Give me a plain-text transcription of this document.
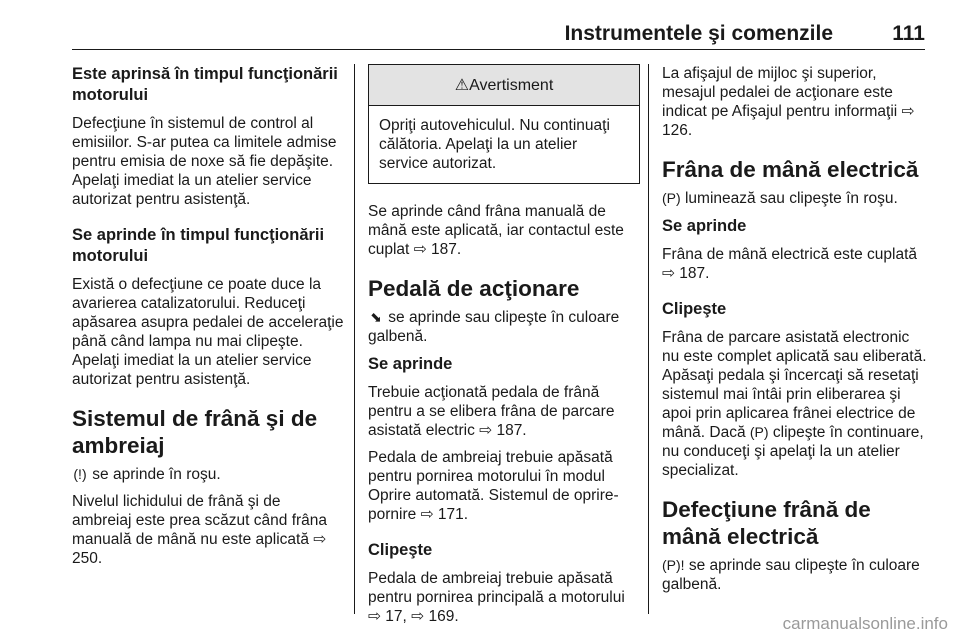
Instrumentele şi comenzile	111
Este aprinsă în timpul funcţionării motorului

Defecţiune în sistemul de control al emisiilor. S-ar putea ca limitele admise pentru emisia de noxe să fie depăşite. Apelaţi imediat la un atelier service autorizat pentru asistenţă.

Se aprinde în timpul funcţionării motorului

Există o defecţiune ce poate duce la avarierea catalizatorului. Reduceţi apăsarea asupra pedalei de acceleraţie până când lampa nu mai clipeşte. Apelaţi imediat la un atelier service autorizat pentru asistenţă.

Sistemul de frână şi de ambreiaj

(!) se aprinde în roşu.

Nivelul lichidului de frână şi de ambreiaj este prea scăzut când frâna manuală de mână nu este aplicată ⇨ 250.

⚠ Avertisment
Opriţi autovehiculul. Nu continuaţi călătoria. Apelaţi la un atelier service autorizat.

Se aprinde când frâna manuală de mână este aplicată, iar contactul este cuplat ⇨ 187.

Pedală de acţionare

⬊ se aprinde sau clipeşte în culoare galbenă.

Se aprinde

Trebuie acţionată pedala de frână pentru a se elibera frâna de parcare asistată electric ⇨ 187.

Pedala de ambreiaj trebuie apăsată pentru pornirea motorului în modul Oprire automată. Sistemul de oprire-pornire ⇨ 171.

Clipeşte

Pedala de ambreiaj trebuie apăsată pentru pornirea principală a motorului ⇨ 17, ⇨ 169.

La afişajul de mijloc şi superior, mesajul pedalei de acţionare este indicat pe Afişajul pentru informaţii ⇨ 126.

Frâna de mână electrică

(P) luminează sau clipeşte în roşu.

Se aprinde

Frâna de mână electrică este cuplată ⇨ 187.

Clipeşte

Frâna de parcare asistată electronic nu este complet aplicată sau eliberată. Apăsaţi pedala şi încercaţi să resetaţi sistemul mai întâi prin eliberarea şi apoi prin aplicarea frânei electrice de mână. Dacă (P) clipeşte în continuare, nu conduceţi şi apelaţi la un atelier specializat.

Defecţiune frână de mână electrică

(P)! se aprinde sau clipeşte în culoare galbenă.

carmanualsonline.info
